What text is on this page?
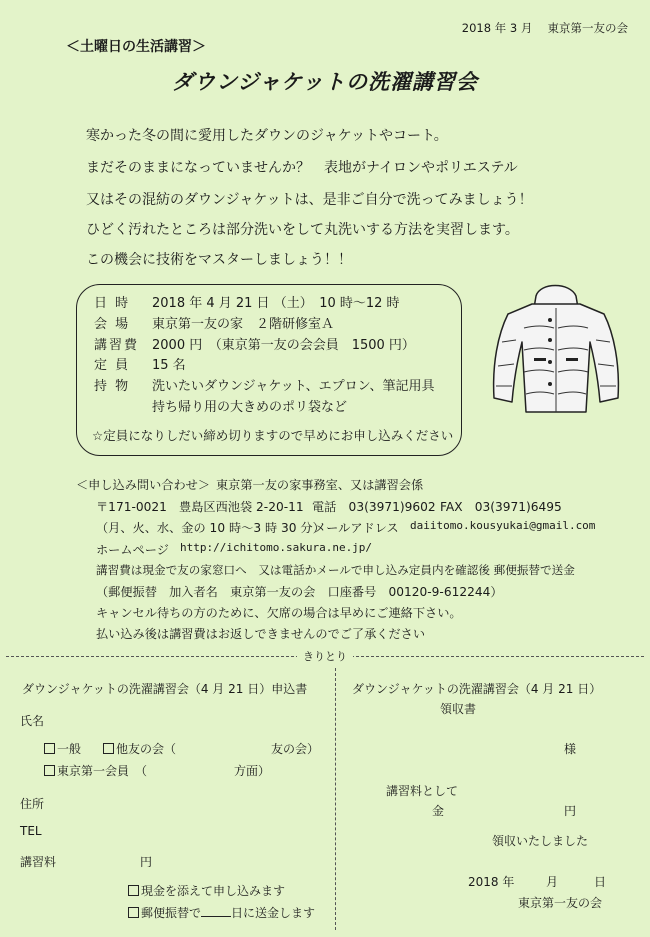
2018 年 3 月　 東京第一友の会
＜土曜日の生活講習＞
ダウンジャケットの洗濯講習会
寒かった冬の間に愛用したダウンのジャケットやコート。
まだそのままになっていませんか？　表地がナイロンやポリエステル
又はその混紡のダウンジャケットは、是非ご自分で洗ってみましょう！
ひどく汚れたところは部分洗いをして丸洗いする方法を実習します。
この機会に技術をマスターしましょう！！
日 時 2018 年 4 月 21 日 （土）　10 時～12 時
会 場 東京第一友の家　２階研修室Ａ
講習費 2000 円　（東京第一友の会会員　1500 円）
定 員 15 名
持 物 洗いたいダウンジャケット、エプロン、筆記用具
持ち帰り用の大きめのポリ袋など
☆定員になりしだい締め切りますので早めにお申し込みください
＜申し込み問い合わせ＞ 東京第一友の家事務室、又は講習会係
〒171-0021　豊島区西池袋 2-20-11 電話　03(3971)9602 FAX　03(3971)6495
（月、火、水、金の 10 時～3 時 30 分）
メールアドレス daiitomo.kousyukai@gmail.com
ホームページ http://ichitomo.sakura.ne.jp/
講習費は現金で友の家窓口へ　又は電話かメールで申し込み定員内を確認後 郵便振替で送金
（郵便振替　加入者名　東京第一友の会　口座番号　00120-9-612244）
キャンセル待ちの方のために、欠席の場合は早めにご連絡下さい。
払い込み後は講習費はお返しできませんのでご了承ください
きりとり
ダウンジャケットの洗濯講習会（4 月 21 日）申込書
氏名
一般	他友の会（	友の会）
東京第一会員　（	方面）
住所
TEL
講習料	円
現金を添えて申し込みます
郵便振替で	日に送金します
ダウンジャケットの洗濯講習会（4 月 21 日）
領収書
様
講習料として
金	円
領収いたしました
2018 年	月	日
東京第一友の会
